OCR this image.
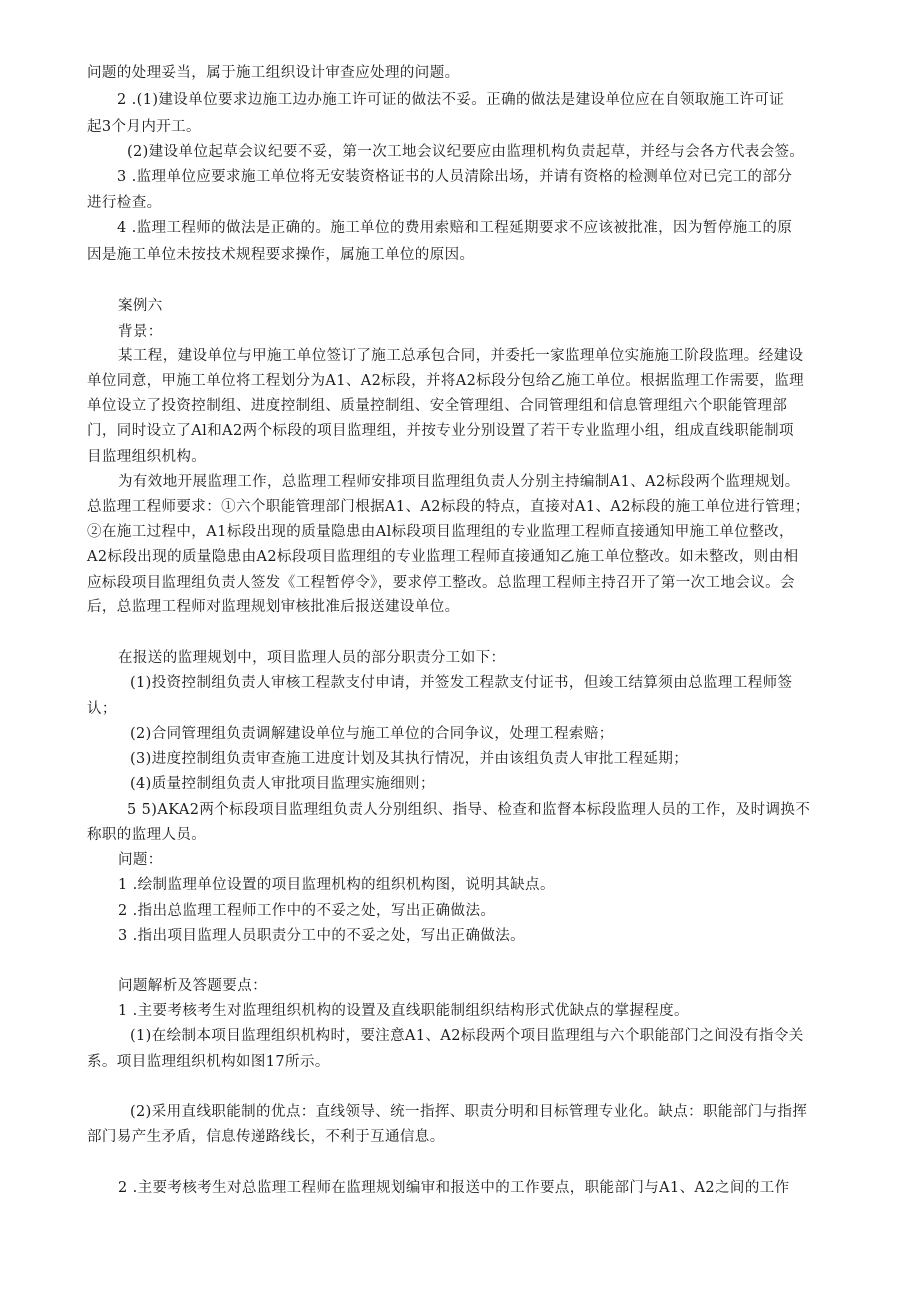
问题的处理妥当，属于施工组织设计审查应处理的问题。
2 .(1)建设单位要求边施工边办施工许可证的做法不妥。正确的做法是建设单位应在自领取施工许可证
起3个月内开工。
(2)建设单位起草会议纪要不妥，第一次工地会议纪要应由监理机构负责起草，并经与会各方代表会签。
3 .监理单位应要求施工单位将无安装资格证书的人员清除出场，并请有资格的检测单位对已完工的部分
进行检查。
4 .监理工程师的做法是正确的。施工单位的费用索赔和工程延期要求不应该被批准，因为暂停施工的原
因是施工单位未按技术规程要求操作，属施工单位的原因。
案例六
背景：
某工程，建设单位与甲施工单位签订了施工总承包合同，并委托一家监理单位实施施工阶段监理。经建设
单位同意，甲施工单位将工程划分为A1、A2标段，并将A2标段分包给乙施工单位。根据监理工作需要，监理
单位设立了投资控制组、进度控制组、质量控制组、安全管理组、合同管理组和信息管理组六个职能管理部
门，同时设立了Al和A2两个标段的项目监理组，并按专业分别设置了若干专业监理小组，组成直线职能制项
目监理组织机构。
为有效地开展监理工作，总监理工程师安排项目监理组负责人分别主持编制A1、A2标段两个监理规划。
总监理工程师要求：①六个职能管理部门根据A1、A2标段的特点，直接对A1、A2标段的施工单位进行管理；
②在施工过程中，A1标段出现的质量隐患由Al标段项目监理组的专业监理工程师直接通知甲施工单位整改，
A2标段出现的质量隐患由A2标段项目监理组的专业监理工程师直接通知乙施工单位整改。如未整改，则由相
应标段项目监理组负责人签发《工程暂停令》，要求停工整改。总监理工程师主持召开了第一次工地会议。会
后，总监理工程师对监理规划审核批准后报送建设单位。
在报送的监理规划中，项目监理人员的部分职责分工如下：
(1)投资控制组负责人审核工程款支付申请，并签发工程款支付证书，但竣工结算须由总监理工程师签
认；
(2)合同管理组负责调解建设单位与施工单位的合同争议，处理工程索赔；
(3)进度控制组负责审查施工进度计划及其执行情况，并由该组负责人审批工程延期；
(4)质量控制组负责人审批项目监理实施细则；
5 5)AKA2两个标段项目监理组负责人分别组织、指导、检查和监督本标段监理人员的工作，及时调换不
称职的监理人员。
问题：
1 .绘制监理单位设置的项目监理机构的组织机构图，说明其缺点。
2 .指出总监理工程师工作中的不妥之处，写出正确做法。
3 .指出项目监理人员职责分工中的不妥之处，写出正确做法。
问题解析及答题要点：
1 .主要考核考生对监理组织机构的设置及直线职能制组织结构形式优缺点的掌握程度。
(1)在绘制本项目监理组织机构时，要注意A1、A2标段两个项目监理组与六个职能部门之间没有指令关
系。项目监理组织机构如图17所示。
(2)采用直线职能制的优点：直线领导、统一指挥、职责分明和目标管理专业化。缺点：职能部门与指挥
部门易产生矛盾，信息传递路线长，不利于互通信息。
2 .主要考核考生对总监理工程师在监理规划编审和报送中的工作要点，职能部门与A1、A2之间的工作
